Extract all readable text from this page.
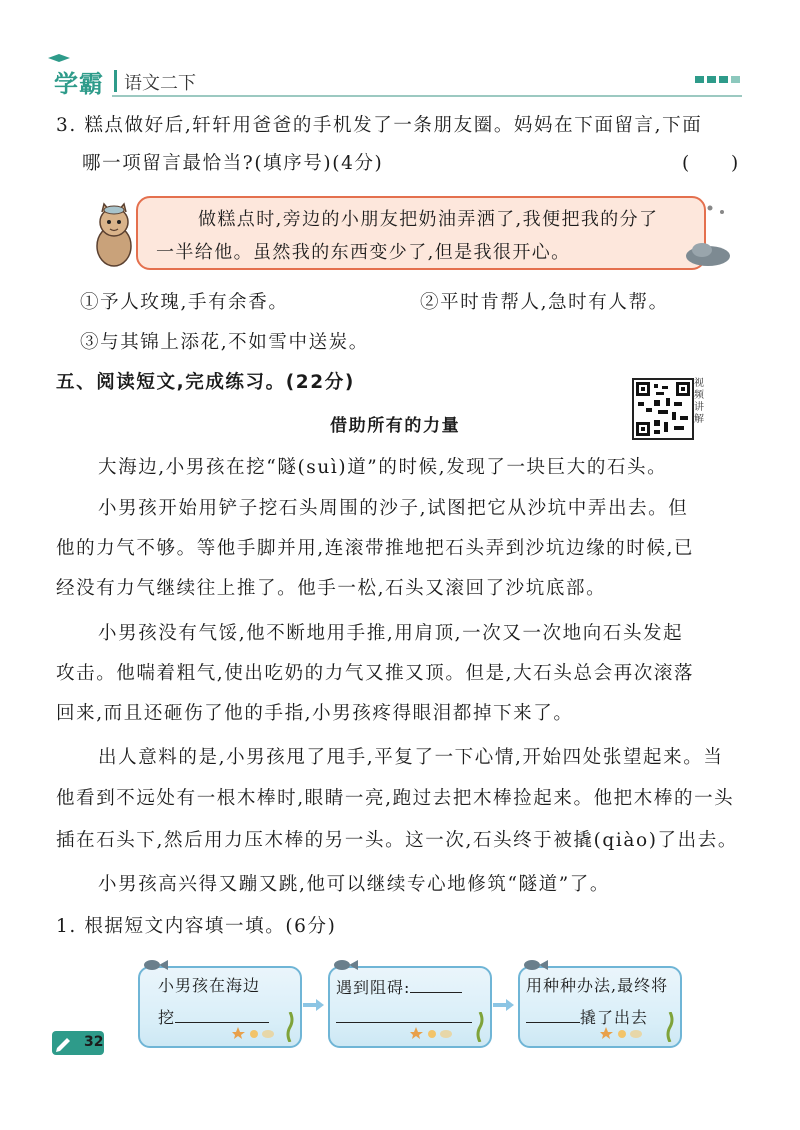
学霸 语文二下
3. 糕点做好后,轩轩用爸爸的手机发了一条朋友圈。妈妈在下面留言,下面
哪一项留言最恰当?(填序号)(4分)	(　　)
做糕点时,旁边的小朋友把奶油弄洒了,我便把我的分了
一半给他。虽然我的东西变少了,但是我很开心。
①予人玫瑰,手有余香。	②平时肯帮人,急时有人帮。
③与其锦上添花,不如雪中送炭。
五、阅读短文,完成练习。(22分)	视频讲解
借助所有的力量
大海边,小男孩在挖“隧(suì)道”的时候,发现了一块巨大的石头。
小男孩开始用铲子挖石头周围的沙子,试图把它从沙坑中弄出去。但
他的力气不够。等他手脚并用,连滚带推地把石头弄到沙坑边缘的时候,已
经没有力气继续往上推了。他手一松,石头又滚回了沙坑底部。
小男孩没有气馁,他不断地用手推,用肩顶,一次又一次地向石头发起
攻击。他喘着粗气,使出吃奶的力气又推又顶。但是,大石头总会再次滚落
回来,而且还砸伤了他的手指,小男孩疼得眼泪都掉下来了。
出人意料的是,小男孩甩了甩手,平复了一下心情,开始四处张望起来。当
他看到不远处有一根木棒时,眼睛一亮,跑过去把木棒捡起来。他把木棒的一头
插在石头下,然后用力压木棒的另一头。这一次,石头终于被撬(qiào)了出去。
小男孩高兴得又蹦又跳,他可以继续专心地修筑“隧道”了。
1. 根据短文内容填一填。(6分)
小男孩在海边
挖
遇到阻碍:	用种种办法,最终将
撬了出去
32
